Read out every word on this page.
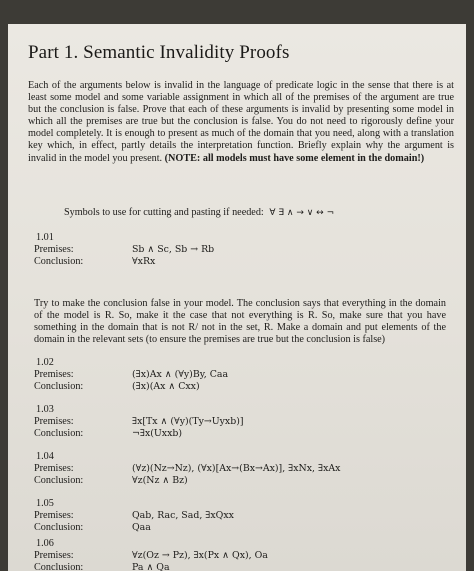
Part 1. Semantic Invalidity Proofs
Each of the arguments below is invalid in the language of predicate logic in the sense that there is at least some model and some variable assignment in which all of the premises of the argument are true but the conclusion is false. Prove that each of these arguments is invalid by presenting some model in which all the premises are true but the conclusion is false. You do not need to rigorously define your model completely. It is enough to present as much of the domain that you need, along with a translation key which, in effect, partly details the interpretation function. Briefly explain why the argument is invalid in the model you present. (NOTE: all models must have some element in the domain!)
Symbols to use for cutting and pasting if needed: ∀ ∃ ∧ → ∨ ↔ ¬
1.01
Premises:	Sb ∧ Sc, Sb → Rb
Conclusion:	∀xRx
Try to make the conclusion false in your model. The conclusion says that everything in the domain of the model is R. So, make it the case that not everything is R. So, make sure that you have something in the domain that is not R/ not in the set, R. Make a domain and put elements of the domain in the relevant sets (to ensure the premises are true but the conclusion is false)
1.02
Premises:	(∃x)Ax ∧ (∀y)By, Caa
Conclusion:	(∃x)(Ax ∧ Cxx)
1.03
Premises:	∃x[Tx ∧ (∀y)(Ty→Uyxb)]
Conclusion:	¬∃x(Uxxb)
1.04
Premises:	(∀z)(Nz→Nz), (∀x)[Ax→(Bx→Ax)], ∃xNx, ∃xAx
Conclusion:	∀z(Nz ∧ Bz)
1.05
Premises:	Qab, Rac, Sad, ∃xQxx
Conclusion:	Qaa
1.06
Premises:	∀z(Oz → Pz), ∃x(Px ∧ Qx), Oa
Conclusion:	Pa ∧ Qa
